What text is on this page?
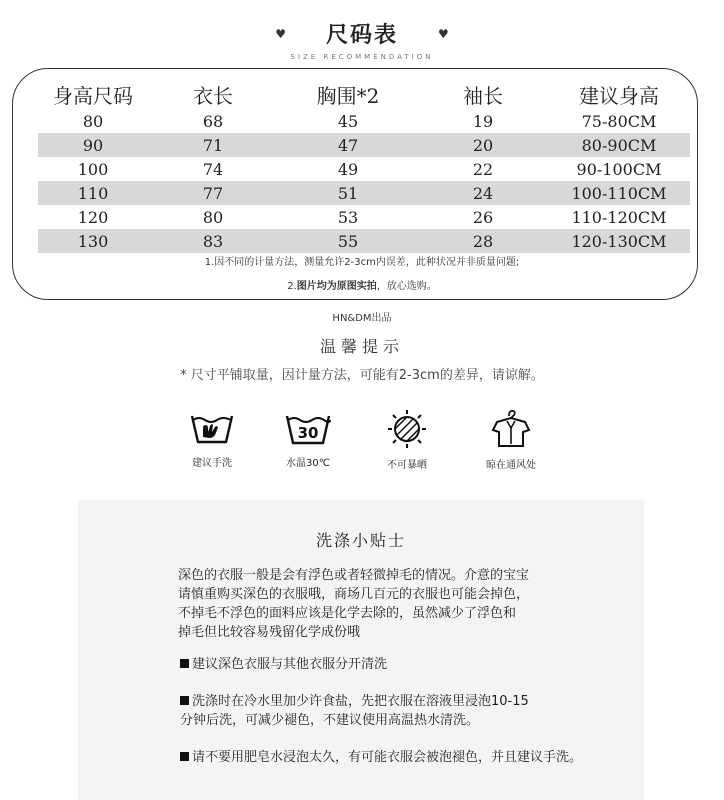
♥ 尺码表	♥
SIZE RECOMMENDATION
身高尺码	衣长	胸围*2	袖长	建议身高
80	68	45	19	75-80CM
90	71	47	20	80-90CM
100	74	49	22	90-100CM
110	77	51	24	100-110CM
120	80	53	26	110-120CM
130	83	55	28	120-130CM
1.因不同的计量方法，测量允许2-3cm内误差，此种状况并非质量问题;
2.图片均为原图实拍，放心选购。
HN&DM出品
温馨提示
* 尺寸平铺取量，因计量方法，可能有2-3cm的差异，请谅解。
建议手洗
30
水温30℃	不可暴晒	晾在通风处
洗涤小贴士
深色的衣服一般是会有浮色或者轻微掉毛的情况。介意的宝宝
请慎重购买深色的衣服哦，商场几百元的衣服也可能会掉色，
不掉毛不浮色的面料应该是化学去除的，虽然减少了浮色和
掉毛但比较容易残留化学成份哦
建议深色衣服与其他衣服分开清洗
洗涤时在冷水里加少许食盐，先把衣服在溶液里浸泡10-15
分钟后洗，可减少褪色，不建议使用高温热水清洗。
请不要用肥皂水浸泡太久，有可能衣服会被泡褪色，并且建议手洗。
